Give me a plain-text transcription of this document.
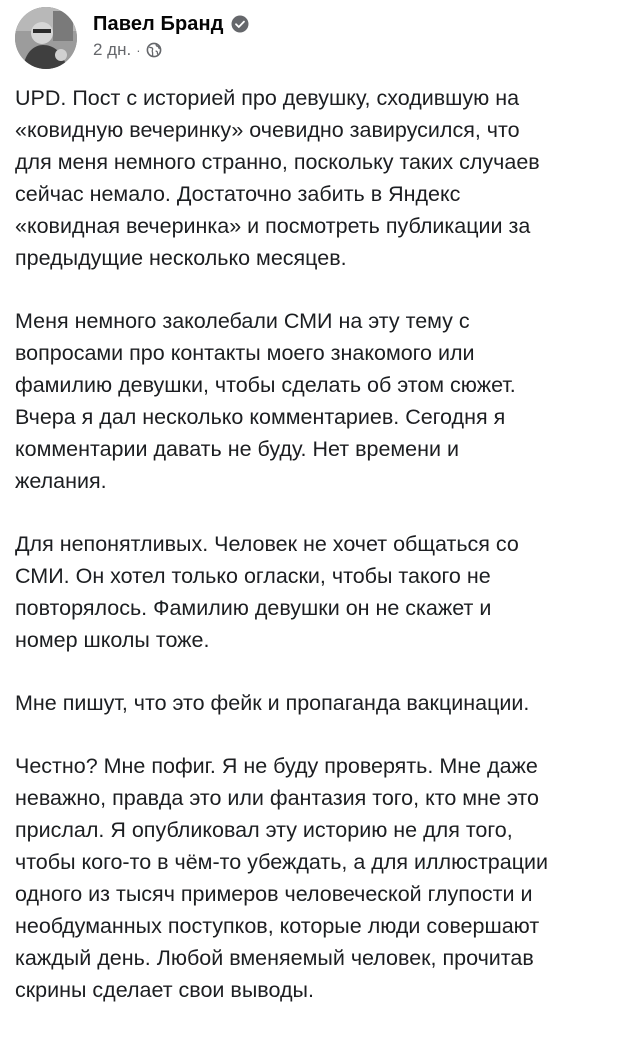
Павел Бранд
2 дн. ·

UPD. Пост с историей про девушку, сходившую на
«ковидную вечеринку» очевидно завирусился, что
для меня немного странно, поскольку таких случаев
сейчас немало. Достаточно забить в Яндекс
«ковидная вечеринка» и посмотреть публикации за
предыдущие несколько месяцев.

Меня немного заколебали СМИ на эту тему с
вопросами про контакты моего знакомого или
фамилию девушки, чтобы сделать об этом сюжет.
Вчера я дал несколько комментариев. Сегодня я
комментарии давать не буду. Нет времени и
желания.

Для непонятливых. Человек не хочет общаться со
СМИ. Он хотел только огласки, чтобы такого не
повторялось. Фамилию девушки он не скажет и
номер школы тоже.

Мне пишут, что это фейк и пропаганда вакцинации.

Честно? Мне пофиг. Я не буду проверять. Мне даже
неважно, правда это или фантазия того, кто мне это
прислал. Я опубликовал эту историю не для того,
чтобы кого-то в чём-то убеждать, а для иллюстрации
одного из тысяч примеров человеческой глупости и
необдуманных поступков, которые люди совершают
каждый день. Любой вменяемый человек, прочитав
скрины сделает свои выводы.
